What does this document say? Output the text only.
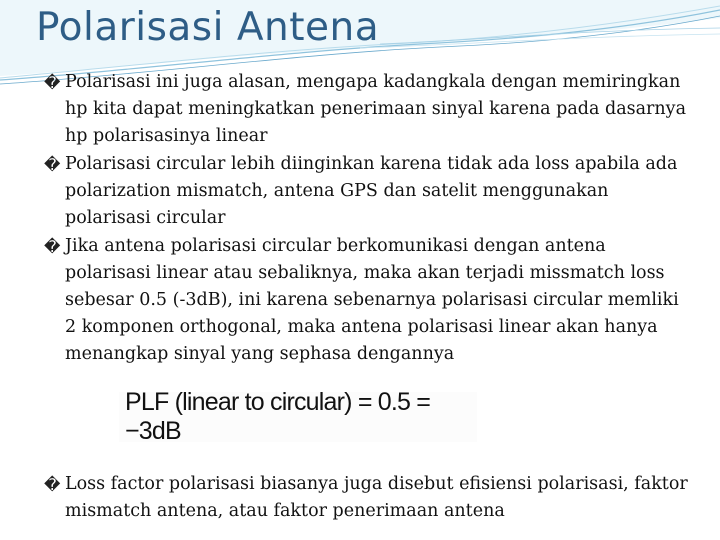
Polarisasi Antena
� Polarisasi ini juga alasan, mengapa kadangkala dengan memiringkan hp kita dapat meningkatkan penerimaan sinyal karena pada dasarnya hp polarisasinya linear
� Polarisasi circular lebih diinginkan karena tidak ada loss apabila ada polarization mismatch, antena GPS dan satelit menggunakan polarisasi circular
� Jika antena polarisasi circular berkomunikasi dengan antena polarisasi linear atau sebaliknya, maka akan terjadi missmatch loss sebesar 0.5 (-3dB), ini karena sebenarnya polarisasi circular memliki 2 komponen orthogonal, maka antena polarisasi linear akan hanya menangkap sinyal yang sephasa dengannya
PLF (linear to circular) = 0.5 = −3dB
� Loss factor polarisasi biasanya juga disebut efisiensi polarisasi, faktor mismatch antena, atau faktor penerimaan antena
